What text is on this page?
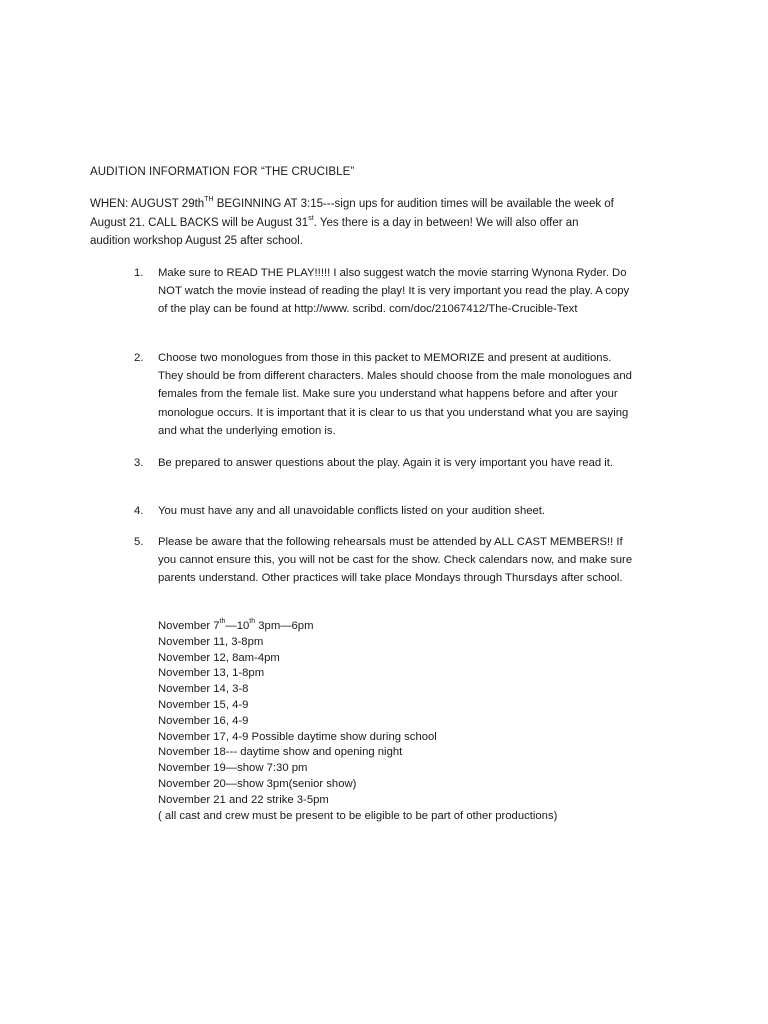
AUDITION INFORMATION FOR “THE CRUCIBLE”
WHEN: AUGUST $29th^{TH}$ BEGINNING AT 3:15---sign ups for audition times will be available the week of August 21. CALL BACKS will be August 31st. Yes there is a day in between! We will also offer an audition workshop August 25 after school.
1.	Make sure to READ THE PLAY!!!!! I also suggest watch the movie starring Wynona Ryder. Do NOT watch the movie instead of reading the play! It is very important you read the play. A copy of the play can be found at http://www. scribd. com/doc/21067412/The-Crucible-Text
2.	Choose two monologues from those in this packet to MEMORIZE and present at auditions. They should be from different characters. Males should choose from the male monologues and females from the female list. Make sure you understand what happens before and after your monologue occurs. It is important that it is clear to us that you understand what you are saying and what the underlying emotion is.
3.	Be prepared to answer questions about the play. Again it is very important you have read it.
4.	You must have any and all unavoidable conflicts listed on your audition sheet.
5.	Please be aware that the following rehearsals must be attended by ALL CAST MEMBERS!! If you cannot ensure this, you will not be cast for the show. Check calendars now, and make sure parents understand. Other practices will take place Mondays through Thursdays after school.
November 7th—10th 3pm—6pm
November 11, 3-8pm
November 12, 8am-4pm
November 13, 1-8pm
November 14, 3-8
November 15, 4-9
November 16, 4-9
November 17, 4-9 Possible daytime show during school
November 18--- daytime show and opening night
November 19—show 7:30 pm
November 20—show 3pm(senior show)
November 21 and 22 strike 3-5pm
( all cast and crew must be present to be eligible to be part of other productions)
